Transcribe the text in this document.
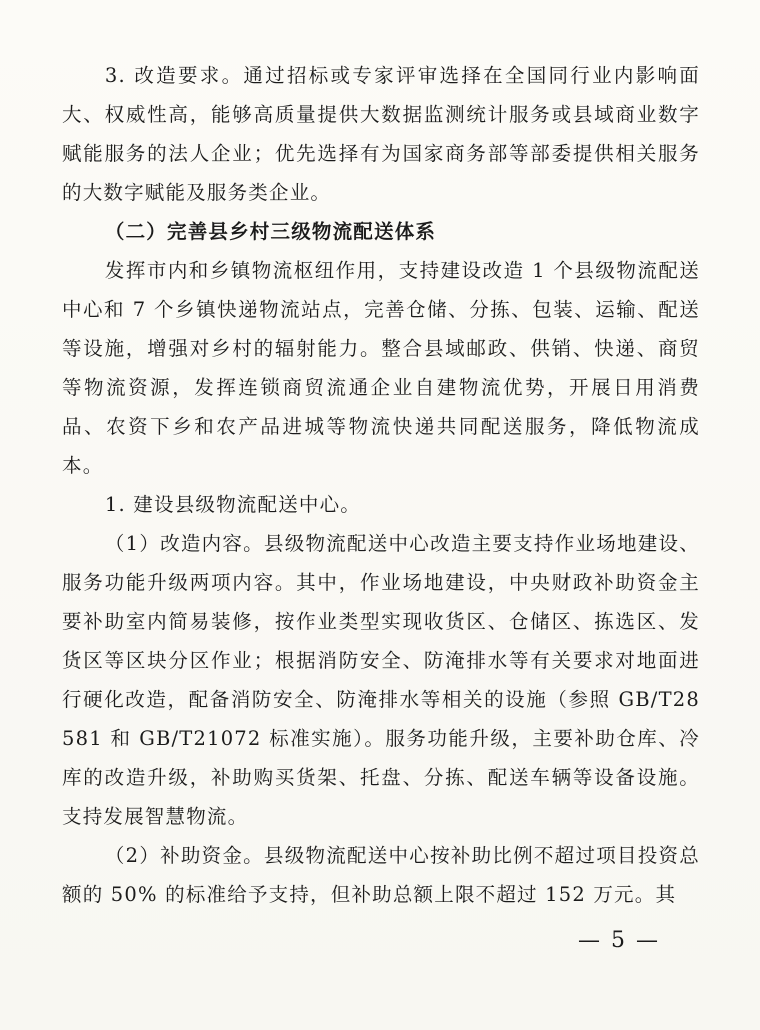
3. 改造要求。通过招标或专家评审选择在全国同行业内影响面大、权威性高，能够高质量提供大数据监测统计服务或县域商业数字赋能服务的法人企业；优先选择有为国家商务部等部委提供相关服务的大数字赋能及服务类企业。

（二）完善县乡村三级物流配送体系

发挥市内和乡镇物流枢纽作用，支持建设改造 1 个县级物流配送中心和 7 个乡镇快递物流站点，完善仓储、分拣、包装、运输、配送等设施，增强对乡村的辐射能力。整合县域邮政、供销、快递、商贸等物流资源，发挥连锁商贸流通企业自建物流优势，开展日用消费品、农资下乡和农产品进城等物流快递共同配送服务，降低物流成本。

1. 建设县级物流配送中心。

（1）改造内容。县级物流配送中心改造主要支持作业场地建设、服务功能升级两项内容。其中，作业场地建设，中央财政补助资金主要补助室内简易装修，按作业类型实现收货区、仓储区、拣选区、发货区等区块分区作业；根据消防安全、防淹排水等有关要求对地面进行硬化改造，配备消防安全、防淹排水等相关的设施（参照 GB/T28581 和 GB/T21072 标准实施）。服务功能升级，主要补助仓库、冷库的改造升级，补助购买货架、托盘、分拣、配送车辆等设备设施。支持发展智慧物流。

（2）补助资金。县级物流配送中心按补助比例不超过项目投资总额的 50% 的标准给予支持，但补助总额上限不超过 152 万元。其

— 5 —
